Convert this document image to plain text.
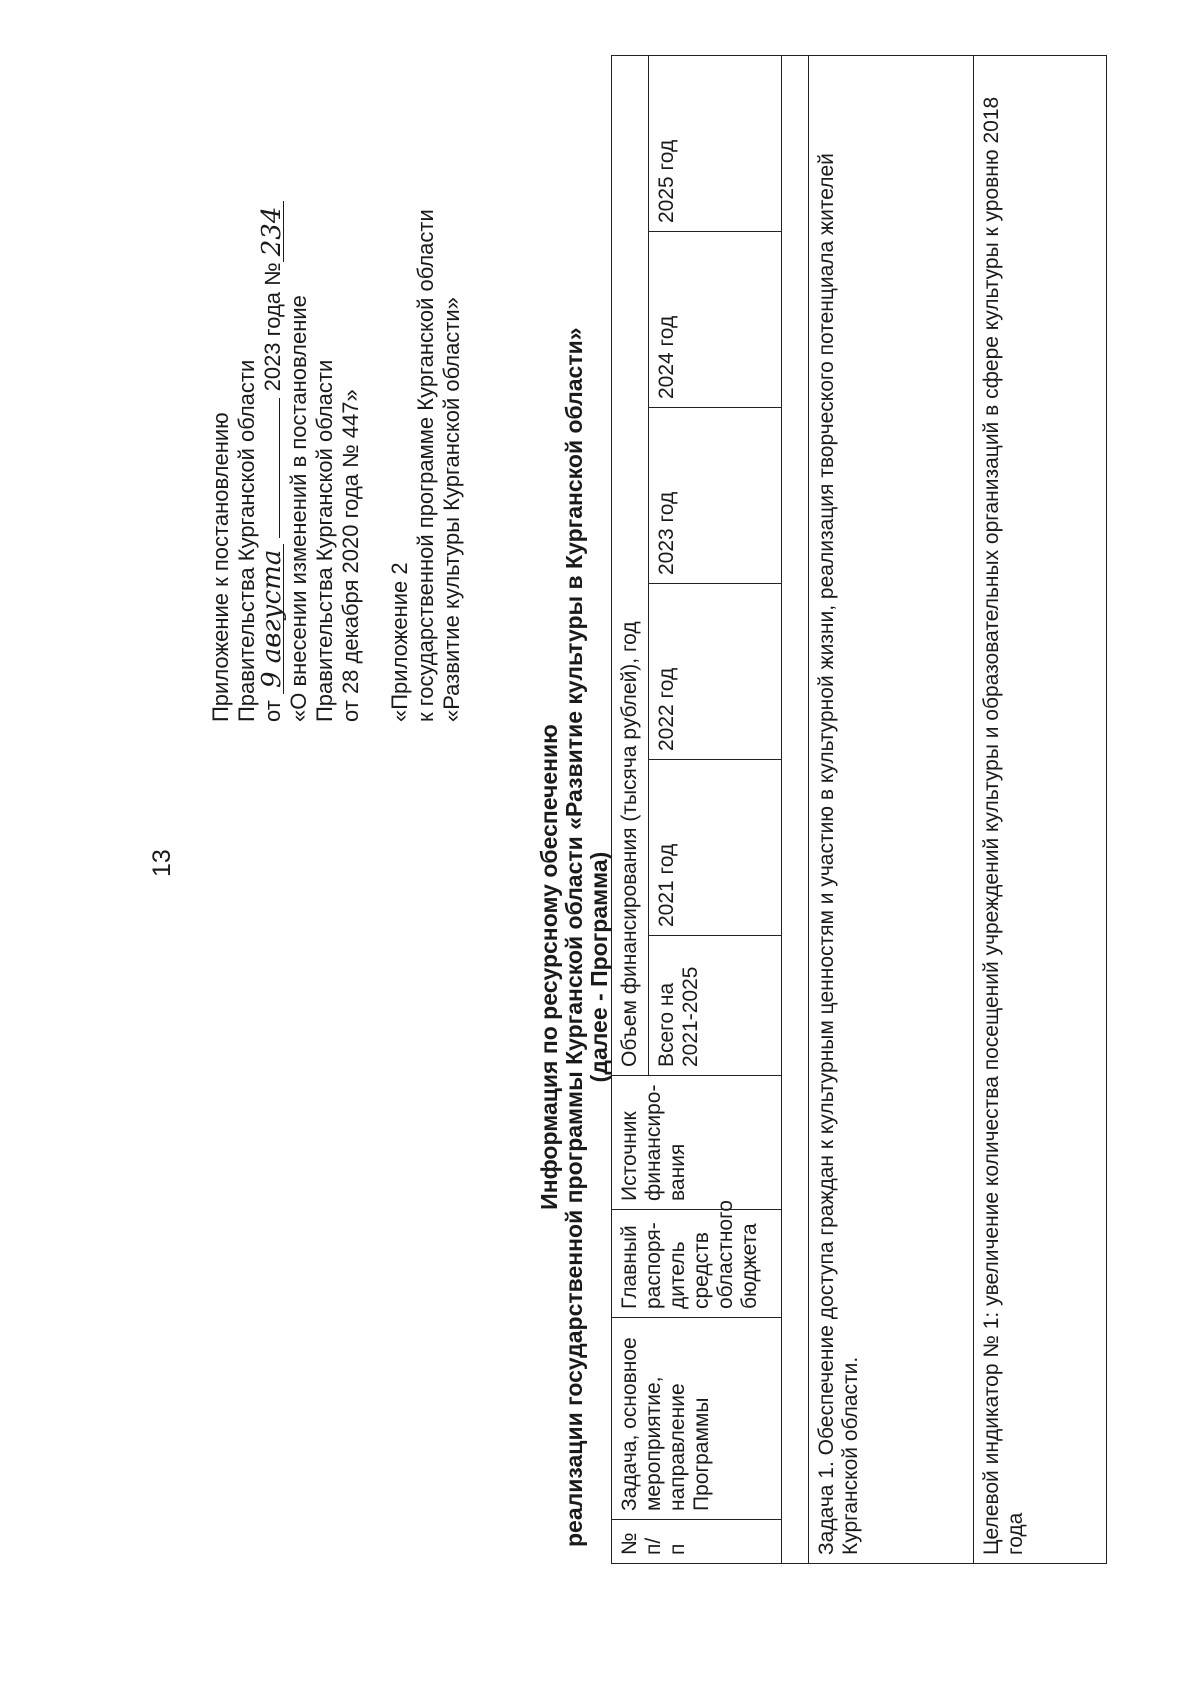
13

Приложение к постановлению Правительства Курганской области от 9 августа  2023 года №234

«О внесении изменений в постановление Правительства Курганской области от 28 декабря 2020 года № 447» «Приложение 2 к государственной программе Курганской области «Развитие культуры Курганской области»

Информация по ресурсному обеспечению реализации государственной программы Курганской области «Развитие культуры в Курганской области» (далее - Программа)
№ п/п	Задача, основное мероприятие, направление Программы	Главный распоря-дитель средств областного бюджета	Источник финансиро-вания	Объем финансирования (тысяча рублей), год					
				Всего на 2021-2025	2021 год	2022 год	2023 год	2024 год	2025 год

Задача 1. Обеспечение доступа граждан к культурным ценностям и участию в культурной жизни, реализация творческого потенциала жителей Курганской области.									
Целевой индикатор № 1: увеличение количества посещений учреждений культуры и образовательных организаций в сфере культуры к уровню 2018 года									
